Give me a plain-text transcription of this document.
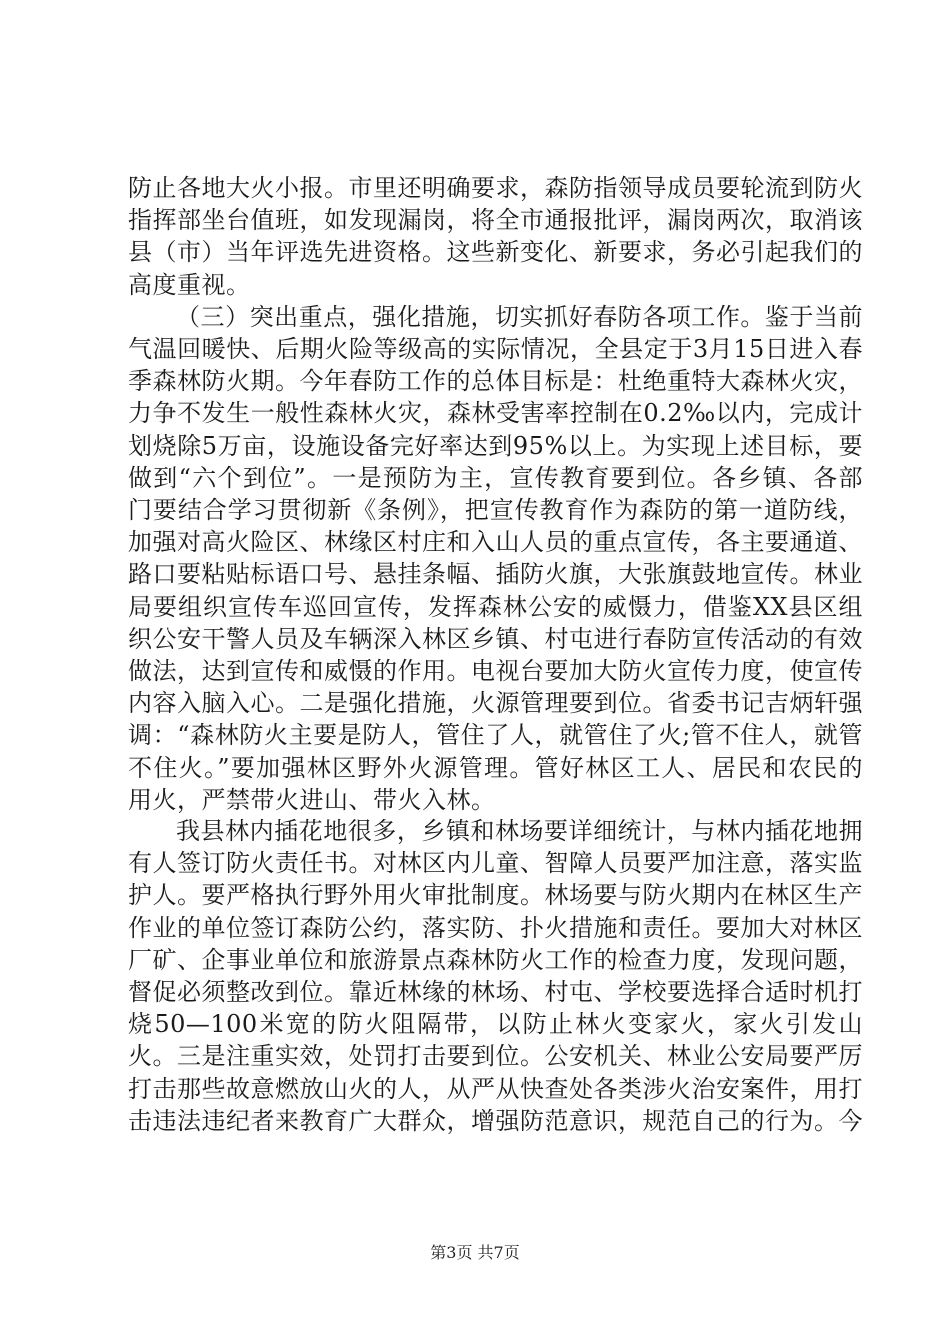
防止各地大火小报。市里还明确要求，森防指领导成员要轮流到防火指挥部坐台值班，如发现漏岗，将全市通报批评，漏岗两次，取消该县（市）当年评选先进资格。这些新变化、新要求，务必引起我们的高度重视。

（三）突出重点，强化措施，切实抓好春防各项工作。鉴于当前气温回暖快、后期火险等级高的实际情况，全县定于3月15日进入春季森林防火期。今年春防工作的总体目标是：杜绝重特大森林火灾，力争不发生一般性森林火灾，森林受害率控制在0.2‰以内，完成计划烧除5万亩，设施设备完好率达到95%以上。为实现上述目标，要做到“六个到位”。一是预防为主，宣传教育要到位。各乡镇、各部门要结合学习贯彻新《条例》，把宣传教育作为森防的第一道防线，加强对高火险区、林缘区村庄和入山人员的重点宣传，各主要通道、路口要粘贴标语口号、悬挂条幅、插防火旗，大张旗鼓地宣传。林业局要组织宣传车巡回宣传，发挥森林公安的威慑力，借鉴XX县区组织公安干警人员及车辆深入林区乡镇、村屯进行春防宣传活动的有效做法，达到宣传和威慑的作用。电视台要加大防火宣传力度，使宣传内容入脑入心。二是强化措施，火源管理要到位。省委书记吉炳轩强调：“森林防火主要是防人，管住了人，就管住了火;管不住人，就管不住火。”要加强林区野外火源管理。管好林区工人、居民和农民的用火，严禁带火进山、带火入林。

我县林内插花地很多，乡镇和林场要详细统计，与林内插花地拥有人签订防火责任书。对林区内儿童、智障人员要严加注意，落实监护人。要严格执行野外用火审批制度。林场要与防火期内在林区生产作业的单位签订森防公约，落实防、扑火措施和责任。要加大对林区厂矿、企事业单位和旅游景点森林防火工作的检查力度，发现问题，督促必须整改到位。靠近林缘的林场、村屯、学校要选择合适时机打烧50—100米宽的防火阻隔带，以防止林火变家火，家火引发山火。三是注重实效，处罚打击要到位。公安机关、林业公安局要严厉打击那些故意燃放山火的人，从严从快查处各类涉火治安案件，用打击违法违纪者来教育广大群众，增强防范意识，规范自己的行为。今

第3页 共7页
